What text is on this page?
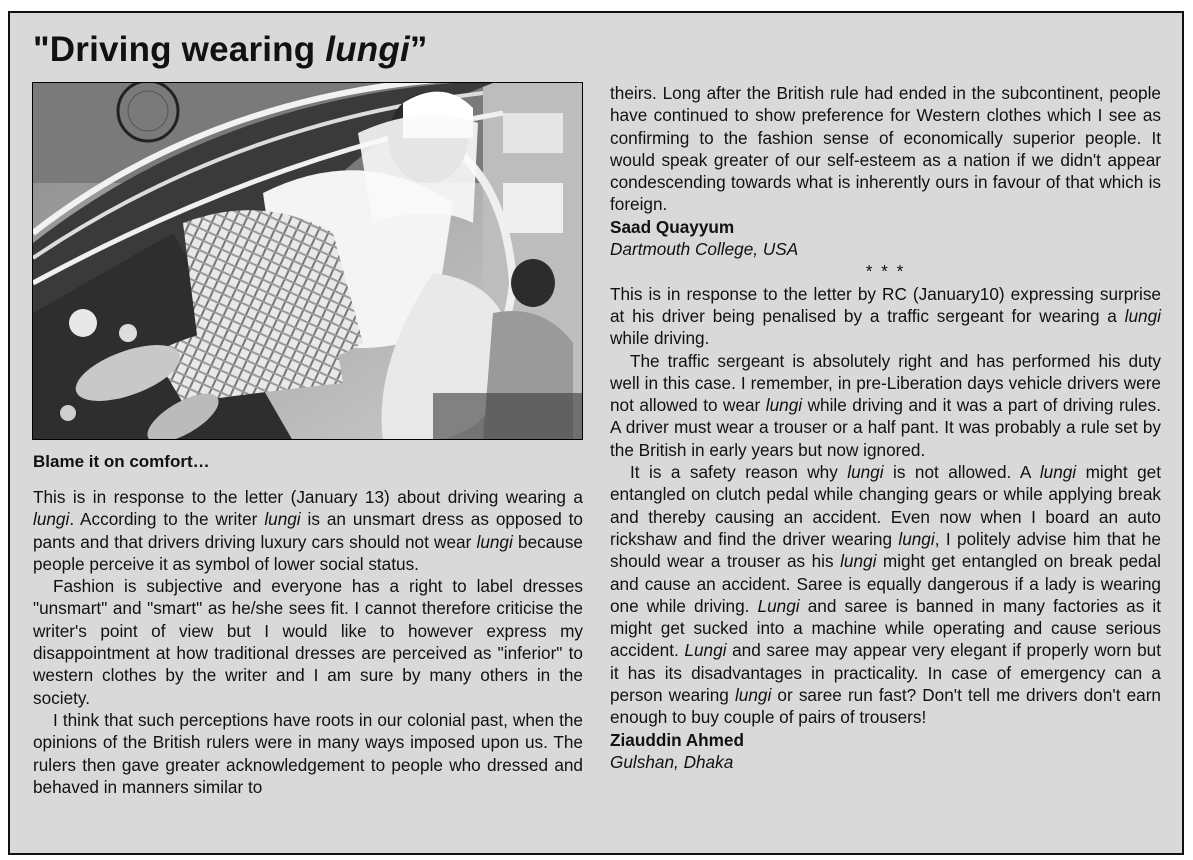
"Driving wearing lungi”
Blame it on comfort…

This is in response to the letter (January 13) about driving wearing a lungi. According to the writer lungi is an unsmart dress as opposed to pants and that drivers driving luxury cars should not wear lungi because people perceive it as symbol of lower social status.

Fashion is subjective and everyone has a right to label dresses "unsmart" and "smart" as he/she sees fit. I cannot therefore criticise the writer's point of view but I would like to however express my disappointment at how traditional dresses are perceived as "inferior" to western clothes by the writer and I am sure by many others in the society.

I think that such perceptions have roots in our colonial past, when the opinions of the British rulers were in many ways imposed upon us. The rulers then gave greater acknowledgement to people who dressed and behaved in manners similar to

theirs. Long after the British rule had ended in the subcontinent, people have continued to show preference for Western clothes which I see as confirming to the fashion sense of economically superior people. It would speak greater of our self-esteem as a nation if we didn't appear condescending towards what is inherently ours in favour of that which is foreign.

Saad Quayyum

Dartmouth College, USA

* * *

This is in response to the letter by RC (January10) expressing surprise at his driver being penalised by a traffic sergeant for wearing a lungi while driving.

The traffic sergeant is absolutely right and has performed his duty well in this case. I remember, in pre-Liberation days vehicle drivers were not allowed to wear lungi while driving and it was a part of driving rules. A driver must wear a trouser or a half pant. It was probably a rule set by the British in early years but now ignored.

It is a safety reason why lungi is not allowed. A lungi might get entangled on clutch pedal while changing gears or while applying break and thereby causing an accident. Even now when I board an auto rickshaw and find the driver wearing lungi, I politely advise him that he should wear a trouser as his lungi might get entangled on break pedal and cause an accident. Saree is equally dangerous if a lady is wearing one while driving. Lungi and saree is banned in many factories as it might get sucked into a machine while operating and cause serious accident. Lungi and saree may appear very elegant if properly worn but it has its disadvantages in practicality. In case of emergency can a person wearing lungi or saree run fast? Don't tell me drivers don't earn enough to buy couple of pairs of trousers!

Ziauddin Ahmed

Gulshan, Dhaka
